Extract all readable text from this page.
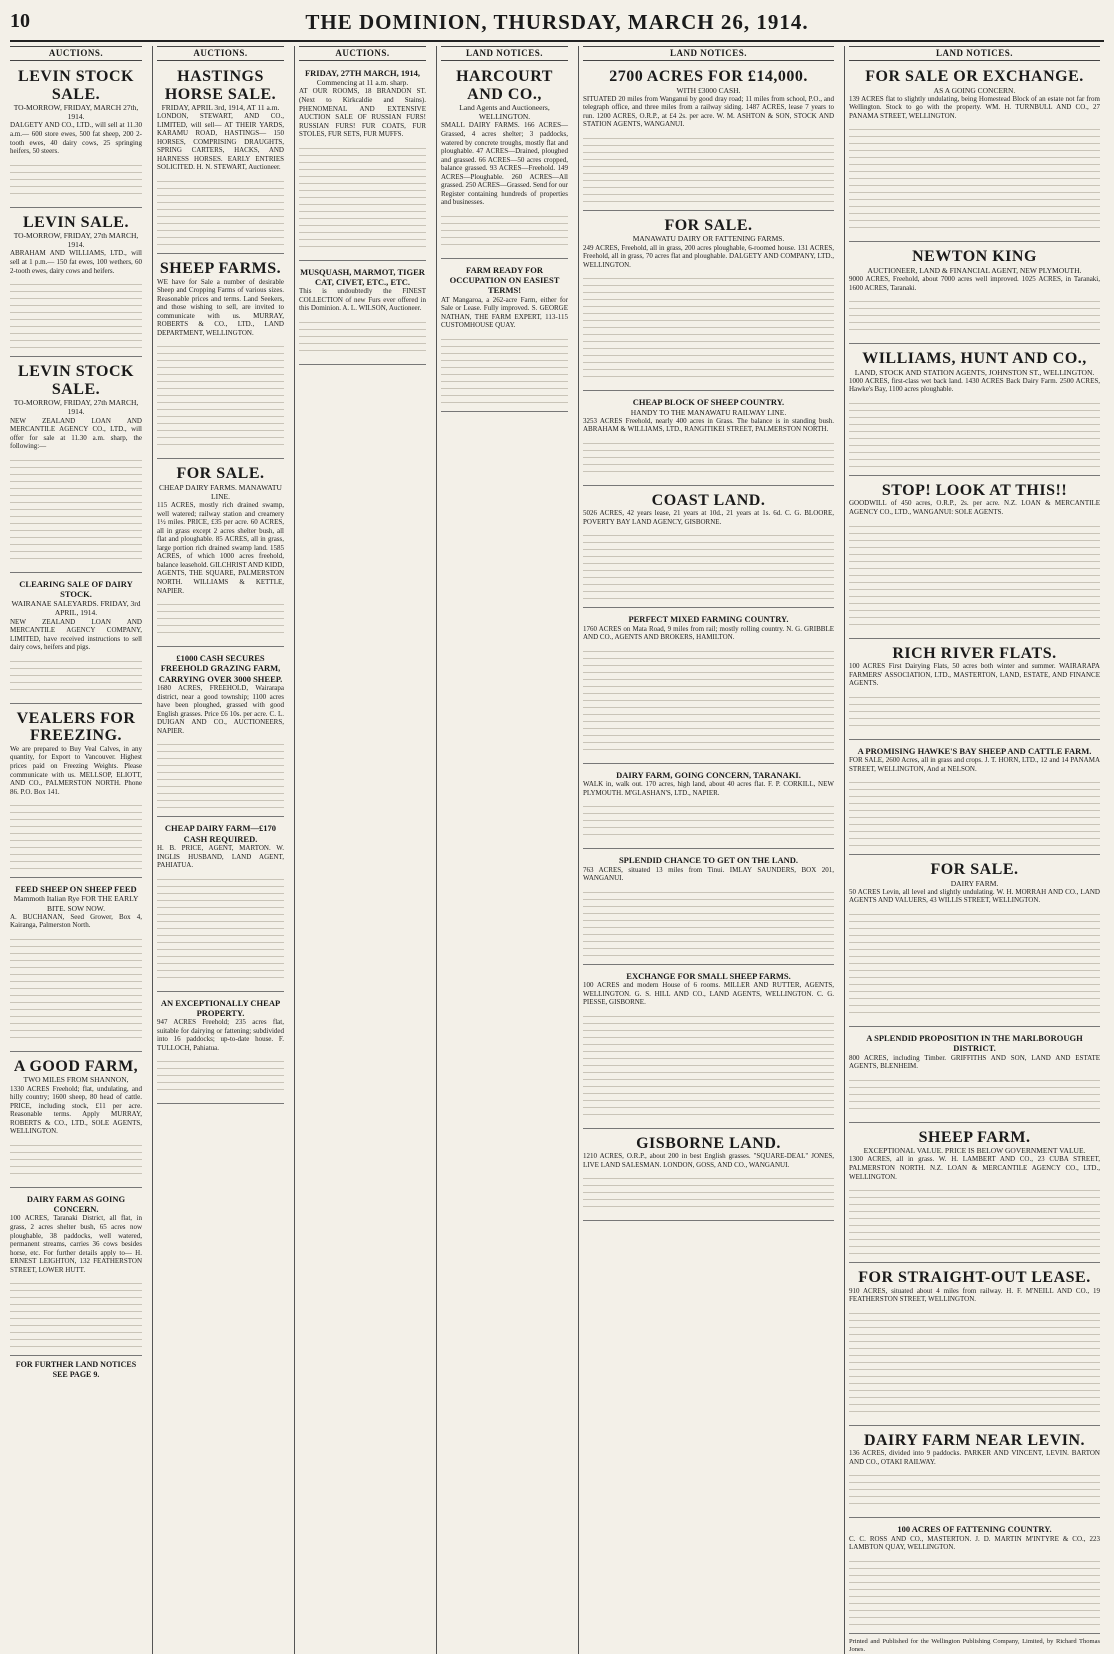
10	THE DOMINION, THURSDAY, MARCH 26, 1914.
AUCTIONS.
LEVIN STOCK SALE.
TO-MORROW, FRIDAY, MARCH 27th, 1914.
DALGETY AND CO., LTD., will sell at 11.30 a.m.— 600 store ewes, 500 fat sheep, 200 2-tooth ewes, 40 dairy cows, 25 springing heifers, 50 steers.
LEVIN SALE.
TO-MORROW, FRIDAY, 27th MARCH, 1914.
ABRAHAM AND WILLIAMS, LTD., will sell at 1 p.m.— 150 fat ewes, 100 wethers, 60 2-tooth ewes, dairy cows and heifers.
LEVIN STOCK SALE.
TO-MORROW, FRIDAY, 27th MARCH, 1914.
NEW ZEALAND LOAN AND MERCANTILE AGENCY CO., LTD., will offer for sale at 11.30 a.m. sharp, the following:—
CLEARING SALE OF DAIRY STOCK.
WAIRANAE SALEYARDS. FRIDAY, 3rd APRIL, 1914.
NEW ZEALAND LOAN AND MERCANTILE AGENCY COMPANY, LIMITED, have received instructions to sell dairy cows, heifers and pigs.
VEALERS FOR FREEZING.
We are prepared to Buy Veal Calves, in any quantity, for Export to Vancouver. Highest prices paid on Freezing Weights. Please communicate with us. MELLSOP, ELIOTT, AND CO., PALMERSTON NORTH. Phone 86. P.O. Box 141.
FEED SHEEP ON SHEEP FEED
Mammoth Italian Rye FOR THE EARLY BITE. SOW NOW.
A. BUCHANAN, Seed Grower, Box 4, Kairanga, Palmerston North.
A GOOD FARM,
TWO MILES FROM SHANNON,
1330 ACRES Freehold; flat, undulating, and hilly country; 1600 sheep, 80 head of cattle. PRICE, including stock, £11 per acre. Reasonable terms. Apply MURRAY, ROBERTS & CO., LTD., SOLE AGENTS, WELLINGTON.
DAIRY FARM AS GOING CONCERN.
100 ACRES, Taranaki District, all flat, in grass, 2 acres shelter bush, 65 acres now ploughable, 38 paddocks, well watered, permanent streams, carries 36 cows besides horse, etc. For further details apply to— H. ERNEST LEIGHTON, 132 FEATHERSTON STREET, LOWER HUTT.
FOR FURTHER LAND NOTICES SEE PAGE 9.
AUCTIONS.
HASTINGS HORSE SALE.
FRIDAY, APRIL 3rd, 1914, AT 11 a.m.
LONDON, STEWART, AND CO., LIMITED, will sell— AT THEIR YARDS, KARAMU ROAD, HASTINGS— 150 HORSES, COMPRISING DRAUGHTS, SPRING CARTERS, HACKS, AND HARNESS HORSES. EARLY ENTRIES SOLICITED. H. N. STEWART, Auctioneer.
SHEEP FARMS.
WE have for Sale a number of desirable Sheep and Cropping Farms of various sizes. Reasonable prices and terms. Land Seekers, and those wishing to sell, are invited to communicate with us. MURRAY, ROBERTS & CO., LTD., LAND DEPARTMENT, WELLINGTON.
FOR SALE.
CHEAP DAIRY FARMS. MANAWATU LINE.
115 ACRES, mostly rich drained swamp, well watered; railway station and creamery 1½ miles. PRICE, £35 per acre. 60 ACRES, all in grass except 2 acres shelter bush, all flat and ploughable. 85 ACRES, all in grass, large portion rich drained swamp land. 1585 ACRES, of which 1000 acres freehold, balance leasehold. GILCHRIST AND KIDD, AGENTS, THE SQUARE, PALMERSTON NORTH. WILLIAMS & KETTLE, NAPIER.
£1000 CASH SECURES FREEHOLD GRAZING FARM, CARRYING OVER 3000 SHEEP.
1680 ACRES, FREEHOLD, Wairarapa district, near a good township; 1100 acres have been ploughed, grassed with good English grasses. Price £6 10s. per acre. C. L. DUIGAN AND CO., AUCTIONEERS, NAPIER.
CHEAP DAIRY FARM—£170 CASH REQUIRED.
H. B. PRICE, AGENT, MARTON. W. INGLIS HUSBAND, LAND AGENT, PAHIATUA.
AN EXCEPTIONALLY CHEAP PROPERTY.
947 ACRES Freehold; 235 acres flat, suitable for dairying or fattening; subdivided into 16 paddocks; up-to-date house. F. TULLOCH, Pahiatua.
AUCTIONS.
FRIDAY, 27TH MARCH, 1914,
Commencing at 11 a.m. sharp.
AT OUR ROOMS, 18 BRANDON ST. (Next to Kirkcaldie and Stains). PHENOMENAL AND EXTENSIVE AUCTION SALE OF RUSSIAN FURS! RUSSIAN FURS! FUR COATS, FUR STOLES, FUR SETS, FUR MUFFS.
MUSQUASH, MARMOT, TIGER CAT, CIVET, ETC., ETC.
This is undoubtedly the FINEST COLLECTION of new Furs ever offered in this Dominion. A. L. WILSON, Auctioneer.
LAND NOTICES.
HARCOURT AND CO.,
Land Agents and Auctioneers, WELLINGTON.
SMALL DAIRY FARMS. 166 ACRES—Grassed, 4 acres shelter; 3 paddocks, watered by concrete troughs, mostly flat and ploughable. 47 ACRES—Drained, ploughed and grassed. 66 ACRES—50 acres cropped, balance grassed. 93 ACRES—Freehold. 149 ACRES—Ploughable. 260 ACRES—All grassed. 250 ACRES—Grassed. Send for our Register containing hundreds of properties and businesses.
FARM READY FOR OCCUPATION ON EASIEST TERMS!
AT Mangaroa, a 262-acre Farm, either for Sale or Lease. Fully improved. S. GEORGE NATHAN, THE FARM EXPERT, 113-115 CUSTOMHOUSE QUAY.
LAND NOTICES.
2700 ACRES FOR £14,000.
WITH £3000 CASH.
SITUATED 20 miles from Wanganui by good dray road; 11 miles from school, P.O., and telegraph office, and three miles from a railway siding. 1487 ACRES, lease 7 years to run. 1200 ACRES, O.R.P., at £4 2s. per acre. W. M. ASHTON & SON, STOCK AND STATION AGENTS, WANGANUI.
FOR SALE.
MANAWATU DAIRY OR FATTENING FARMS.
249 ACRES, Freehold, all in grass, 200 acres ploughable, 6-roomed house. 131 ACRES, Freehold, all in grass, 70 acres flat and ploughable. DALGETY AND COMPANY, LTD., WELLINGTON.
CHEAP BLOCK OF SHEEP COUNTRY.
HANDY TO THE MANAWATU RAILWAY LINE.
3253 ACRES Freehold, nearly 400 acres in Grass. The balance is in standing bush. ABRAHAM & WILLIAMS, LTD., RANGITIKEI STREET, PALMERSTON NORTH.
COAST LAND.
5026 ACRES, 42 years lease, 21 years at 10d., 21 years at 1s. 6d. C. G. BLOORE, POVERTY BAY LAND AGENCY, GISBORNE.
PERFECT MIXED FARMING COUNTRY.
1760 ACRES on Mata Road, 9 miles from rail; mostly rolling country. N. G. GRIBBLE AND CO., AGENTS AND BROKERS, HAMILTON.
DAIRY FARM, GOING CONCERN, TARANAKI.
WALK in, walk out. 170 acres, high land, about 40 acres flat. F. P. CORKILL, NEW PLYMOUTH. M'GLASHAN'S, LTD., NAPIER.
SPLENDID CHANCE TO GET ON THE LAND.
763 ACRES, situated 13 miles from Tinui. IMLAY SAUNDERS, BOX 201, WANGANUI.
EXCHANGE FOR SMALL SHEEP FARMS.
100 ACRES and modern House of 6 rooms. MILLER AND RUTTER, AGENTS, WELLINGTON. G. S. HILL AND CO., LAND AGENTS, WELLINGTON. C. G. PIESSE, GISBORNE.
GISBORNE LAND.
1210 ACRES, O.R.P., about 200 in best English grasses. "SQUARE-DEAL" JONES, LIVE LAND SALESMAN. LONDON, GOSS, AND CO., WANGANUI.
LAND NOTICES.
FOR SALE OR EXCHANGE.
AS A GOING CONCERN.
139 ACRES flat to slightly undulating, being Homestead Block of an estate not far from Wellington. Stock to go with the property. WM. H. TURNBULL AND CO., 27 PANAMA STREET, WELLINGTON.
NEWTON KING
AUCTIONEER, LAND & FINANCIAL AGENT, NEW PLYMOUTH.
9000 ACRES, Freehold, about 7000 acres well improved. 1025 ACRES, in Taranaki, 1600 ACRES, Taranaki.
WILLIAMS, HUNT AND CO.,
LAND, STOCK AND STATION AGENTS, JOHNSTON ST., WELLINGTON.
1000 ACRES, first-class wet back land. 1430 ACRES Back Dairy Farm. 2500 ACRES, Hawke's Bay, 1100 acres ploughable.
STOP! LOOK AT THIS!!
GOODWILL of 450 acres, O.R.P., 2s. per acre. N.Z. LOAN & MERCANTILE AGENCY CO., LTD., WANGANUI: SOLE AGENTS.
RICH RIVER FLATS.
100 ACRES First Dairying Flats, 50 acres both winter and summer. WAIRARAPA FARMERS' ASSOCIATION, LTD., MASTERTON, LAND, ESTATE, AND FINANCE AGENTS.
A PROMISING HAWKE'S BAY SHEEP AND CATTLE FARM.
FOR SALE, 2600 Acres, all in grass and crops. J. T. HORN, LTD., 12 and 14 PANAMA STREET, WELLINGTON, And at NELSON.
FOR SALE.
DAIRY FARM.
50 ACRES Levin, all level and slightly undulating. W. H. MORRAH AND CO., LAND AGENTS AND VALUERS, 43 WILLIS STREET, WELLINGTON.
A SPLENDID PROPOSITION IN THE MARLBOROUGH DISTRICT.
800 ACRES, including Timber. GRIFFITHS AND SON, LAND AND ESTATE AGENTS, BLENHEIM.
SHEEP FARM.
EXCEPTIONAL VALUE. PRICE IS BELOW GOVERNMENT VALUE.
1300 ACRES, all in grass. W. H. LAMBERT AND CO., 23 CUBA STREET, PALMERSTON NORTH. N.Z. LOAN & MERCANTILE AGENCY CO., LTD., WELLINGTON.
FOR STRAIGHT-OUT LEASE.
910 ACRES, situated about 4 miles from railway. H. F. M'NEILL AND CO., 19 FEATHERSTON STREET, WELLINGTON.
DAIRY FARM NEAR LEVIN.
136 ACRES, divided into 9 paddocks. PARKER AND VINCENT, LEVIN. BARTON AND CO., OTAKI RAILWAY.
100 ACRES OF FATTENING COUNTRY.
C. C. ROSS AND CO., MASTERTON. J. D. MARTIN M'INTYRE & CO., 223 LAMBTON QUAY, WELLINGTON.
Printed and Published for the Wellington Publishing Company, Limited, by Richard Thomas Jones.
